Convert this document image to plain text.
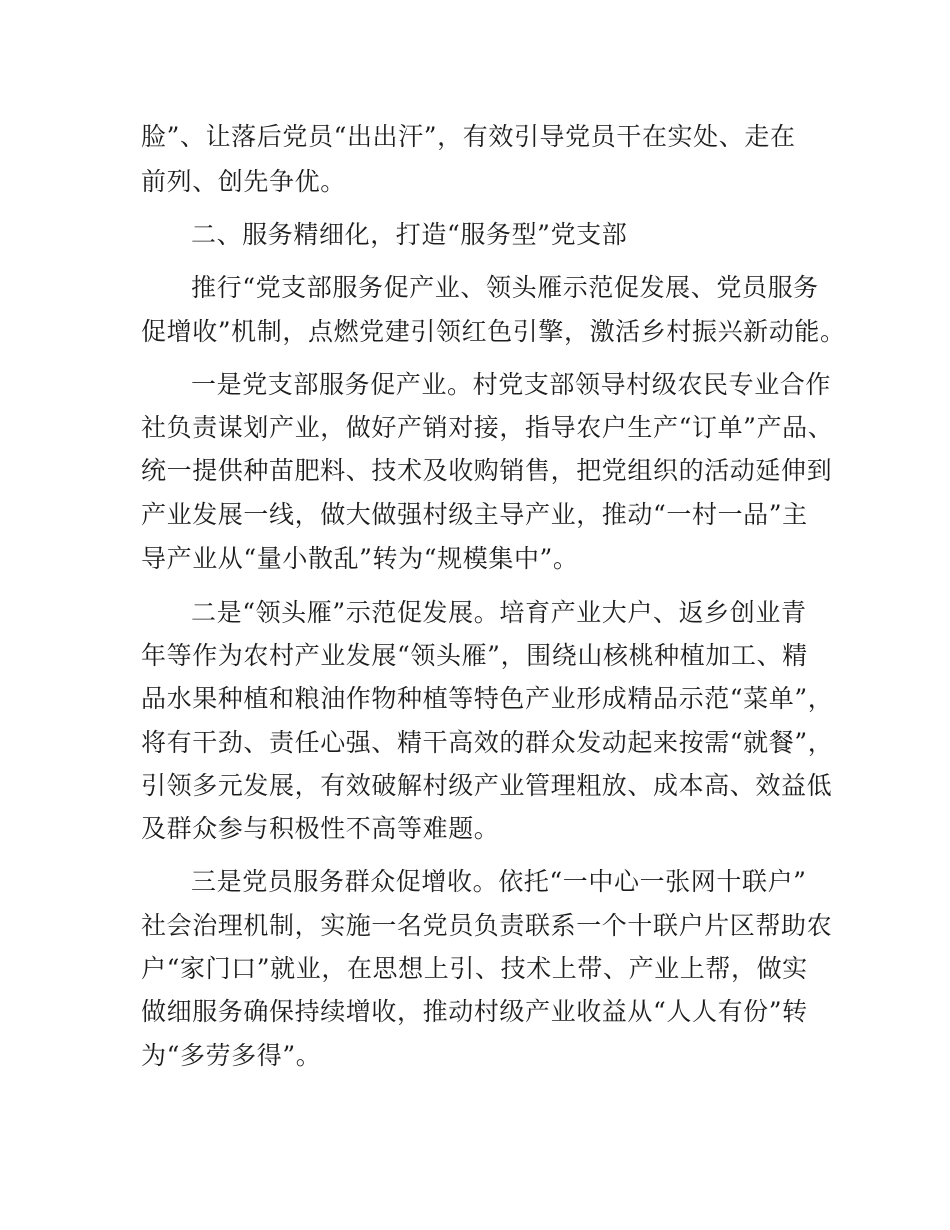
脸”、让落后党员“出出汗”，有效引导党员干在实处、走在

前列、创先争优。

二、服务精细化，打造“服务型”党支部

推行“党支部服务促产业、领头雁示范促发展、党员服务

促增收”机制，点燃党建引领红色引擎，激活乡村振兴新动能。

一是党支部服务促产业。村党支部领导村级农民专业合作

社负责谋划产业，做好产销对接，指导农户生产“订单”产品、

统一提供种苗肥料、技术及收购销售，把党组织的活动延伸到

产业发展一线，做大做强村级主导产业，推动“一村一品”主

导产业从“量小散乱”转为“规模集中”。

二是“领头雁”示范促发展。培育产业大户、返乡创业青

年等作为农村产业发展“领头雁”，围绕山核桃种植加工、精

品水果种植和粮油作物种植等特色产业形成精品示范“菜单”，

将有干劲、责任心强、精干高效的群众发动起来按需“就餐”，

引领多元发展，有效破解村级产业管理粗放、成本高、效益低

及群众参与积极性不高等难题。

三是党员服务群众促增收。依托“一中心一张网十联户”

社会治理机制，实施一名党员负责联系一个十联户片区帮助农

户“家门口”就业，在思想上引、技术上带、产业上帮，做实

做细服务确保持续增收，推动村级产业收益从“人人有份”转

为“多劳多得”。
